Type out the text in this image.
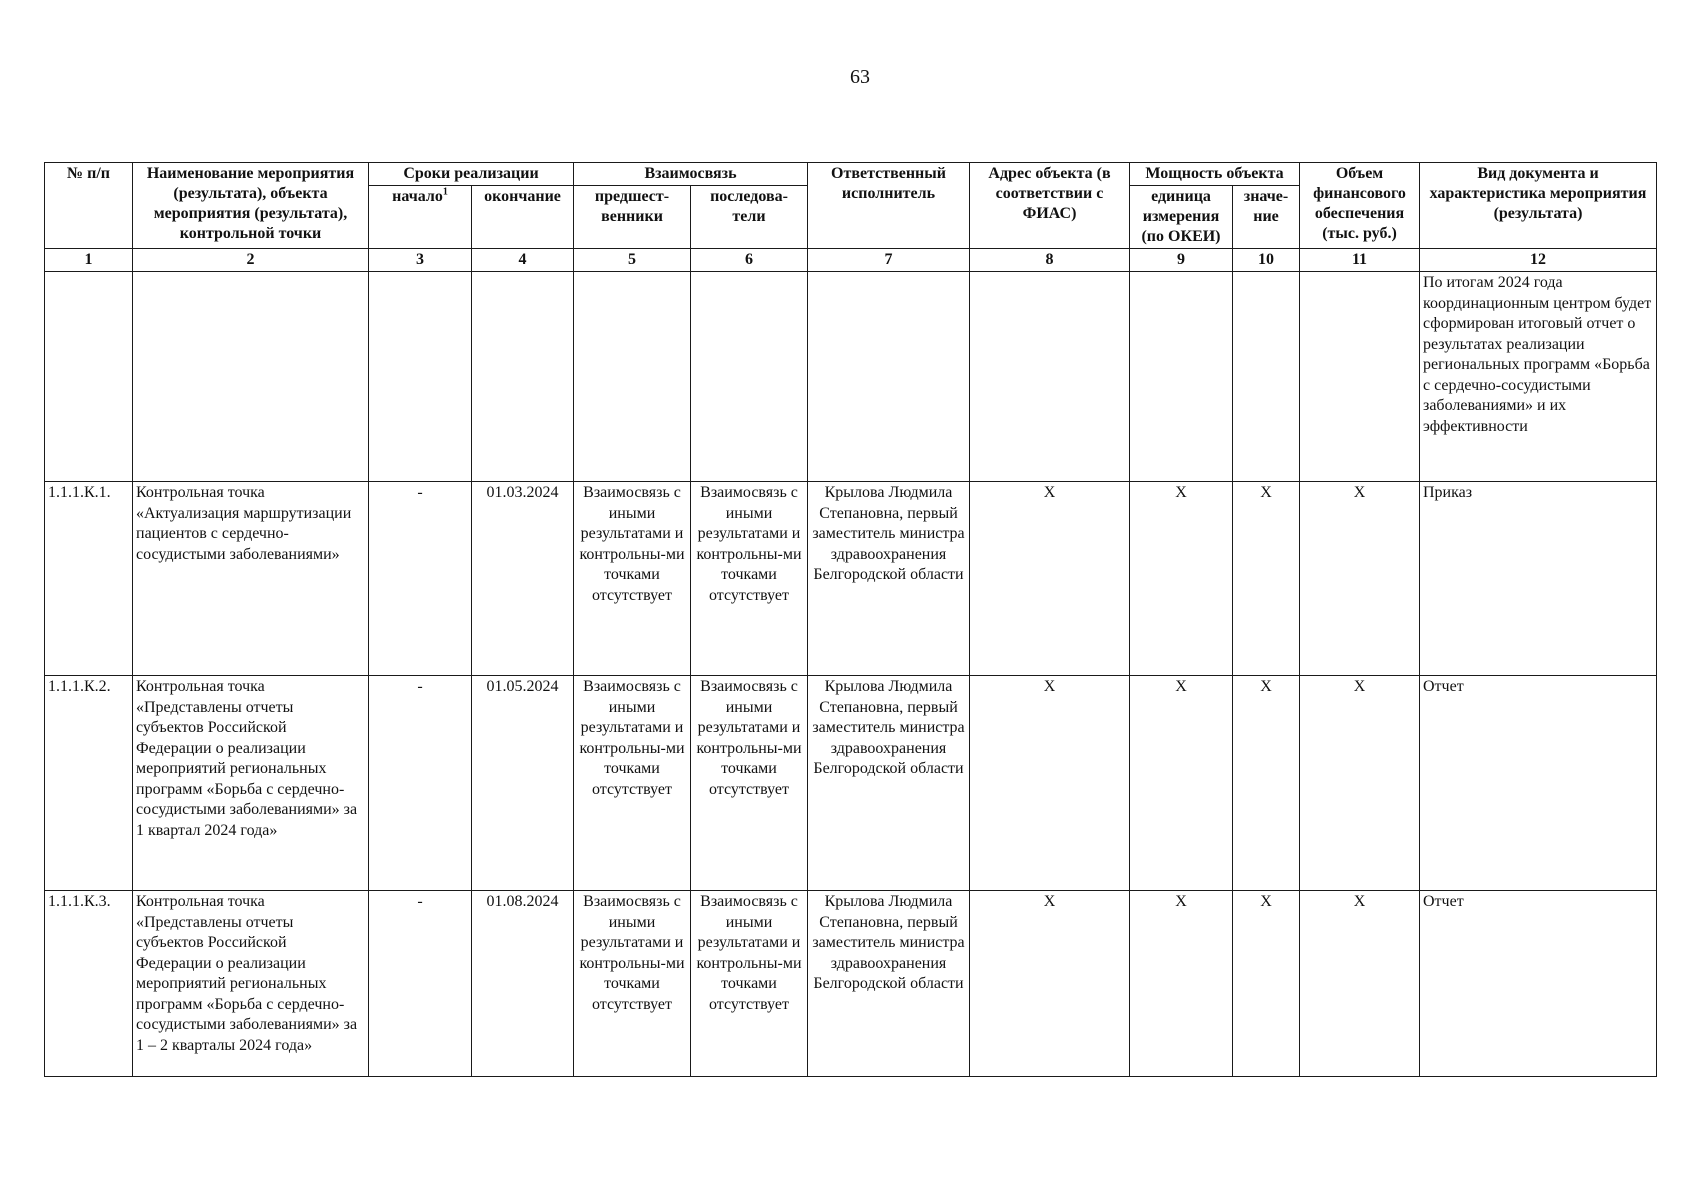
63
№ п/п	Наименование мероприятия (результата), объекта мероприятия (результата), контрольной точки	Сроки реализации		Взаимосвязь		Ответственный исполнитель	Адрес объекта (в соответствии с ФИАС)	Мощность объекта		Объем финансового обеспечения (тыс. руб.)	Вид документа и характеристика мероприятия (результата)
		начало$^1$	окончание	предшест-венники	последова-тели			единица измерения (по ОКЕИ)	значе-ние		
1	2	3	4	5	6	7	8	9	10	11	12
											По итогам 2024 года координационным центром будет сформирован итоговый отчет о результатах реализации региональных программ «Борьба с сердечно-сосудистыми заболеваниями» и их эффективности
1.1.1.К.1.	Контрольная точка «Актуализация маршрутизации пациентов с сердечно-сосудистыми заболеваниями»	-	01.03.2024	Взаимосвязь с иными результатами и контрольны-ми точками отсутствует	Взаимосвязь с иными результатами и контрольны-ми точками отсутствует	Крылова Людмила Степановна, первый заместитель министра здравоохранения Белгородской области	X	X	X	X	Приказ
1.1.1.К.2.	Контрольная точка «Представлены отчеты субъектов Российской Федерации о реализации мероприятий региональных программ «Борьба с сердечно-сосудистыми заболеваниями» за 1 квартал 2024 года»	-	01.05.2024	Взаимосвязь с иными результатами и контрольны-ми точками отсутствует	Взаимосвязь с иными результатами и контрольны-ми точками отсутствует	Крылова Людмила Степановна, первый заместитель министра здравоохранения Белгородской области	X	X	X	X	Отчет
1.1.1.К.3.	Контрольная точка «Представлены отчеты субъектов Российской Федерации о реализации мероприятий региональных программ «Борьба с сердечно-сосудистыми заболеваниями» за 1 – 2 кварталы 2024 года»	-	01.08.2024	Взаимосвязь с иными результатами и контрольны-ми точками отсутствует	Взаимосвязь с иными результатами и контрольны-ми точками отсутствует	Крылова Людмила Степановна, первый заместитель министра здравоохранения Белгородской области	X	X	X	X	Отчет
